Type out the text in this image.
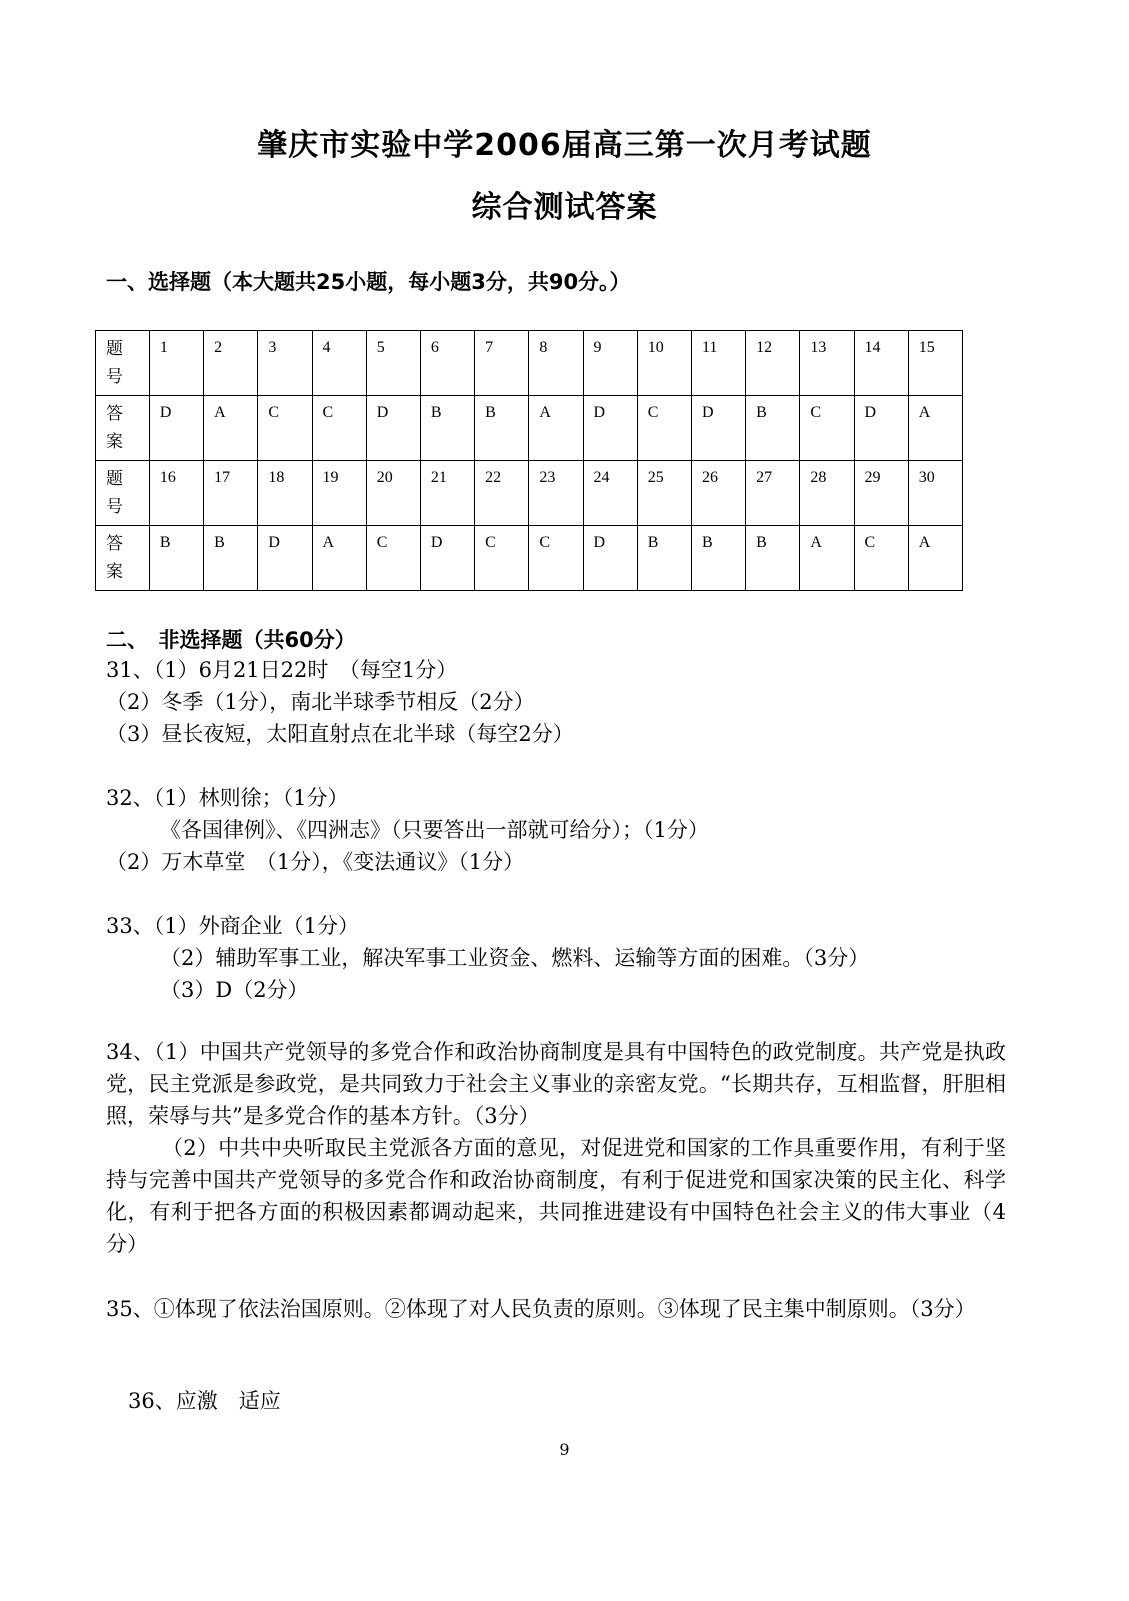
肇庆市实验中学2006届高三第一次月考试题
综合测试答案
一、选择题（本大题共25小题，每小题3分，共90分。）
题号	1	2	3	4	5	6	7	8	9	10	11	12	13	14	15
答案	D	A	C	C	D	B	B	A	D	C	D	B	C	D	A
题号	16	17	18	19	20	21	22	23	24	25	26	27	28	29	30
答案	B	B	D	A	C	D	C	C	D	B	B	B	A	C	A
二、　非选择题（共60分）
31、（1）6月21日22时　（每空1分）
（2）冬季（1分），南北半球季节相反（2分）
（3）昼长夜短，太阳直射点在北半球（每空2分）
32、（1）林则徐；（1分）
《各国律例》、《四洲志》（只要答出一部就可给分）；（1分）
（2）万木草堂　（1分），《变法通议》（1分）
33、（1）外商企业（1分）
（2）辅助军事工业，解决军事工业资金、燃料、运输等方面的困难。（3分）
（3）D（2分）
34、（1）中国共产党领导的多党合作和政治协商制度是具有中国特色的政党制度。共产党是执政党，民主党派是参政党，是共同致力于社会主义事业的亲密友党。“长期共存，互相监督，肝胆相照，荣辱与共”是多党合作的基本方针。（3分）
（2）中共中央听取民主党派各方面的意见，对促进党和国家的工作具重要作用，有利于坚持与完善中国共产党领导的多党合作和政治协商制度，有利于促进党和国家决策的民主化、科学化，有利于把各方面的积极因素都调动起来，共同推进建设有中国特色社会主义的伟大事业（4分）
35、①体现了依法治国原则。②体现了对人民负责的原则。③体现了民主集中制原则。（3分）
36、应激　适应
9
